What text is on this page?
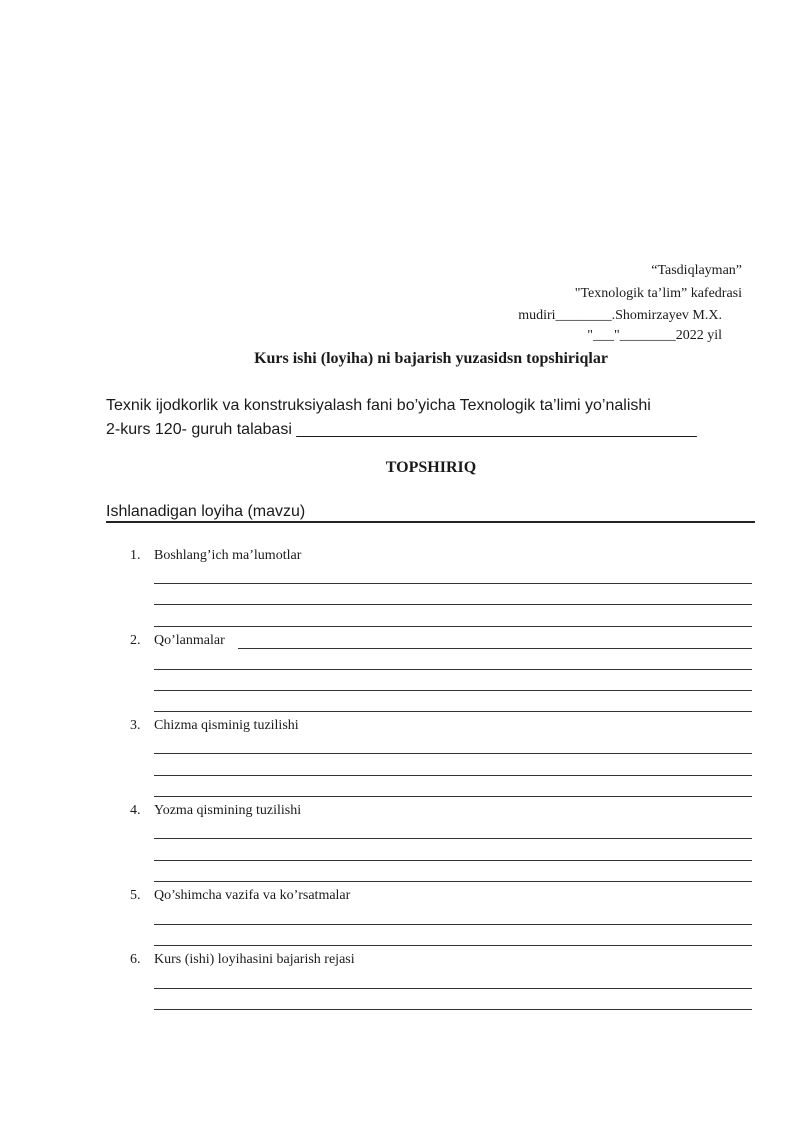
“Tasdiqlayman”
"Texnologik ta’lim” kafedrasi
mudiri________.Shomirzayev M.X.
"___"________2022 yil
Kurs ishi (loyiha) ni bajarish yuzasidsn topshiriqlar
Texnik ijodkorlik va konstruksiyalash fani bo’yicha Texnologik ta’limi yo’nalishi
2-kurs 120- guruh talabasi _____________________________________________
TOPSHIRIQ
Ishlanadigan loyiha (mavzu)
1. Boshlang’ich ma’lumotlar
2. Qo’lanmalar
3. Chizma qisminig tuzilishi
4. Yozma qismining tuzilishi
5. Qo’shimcha vazifa va ko’rsatmalar
6. Kurs (ishi) loyihasini bajarish rejasi
